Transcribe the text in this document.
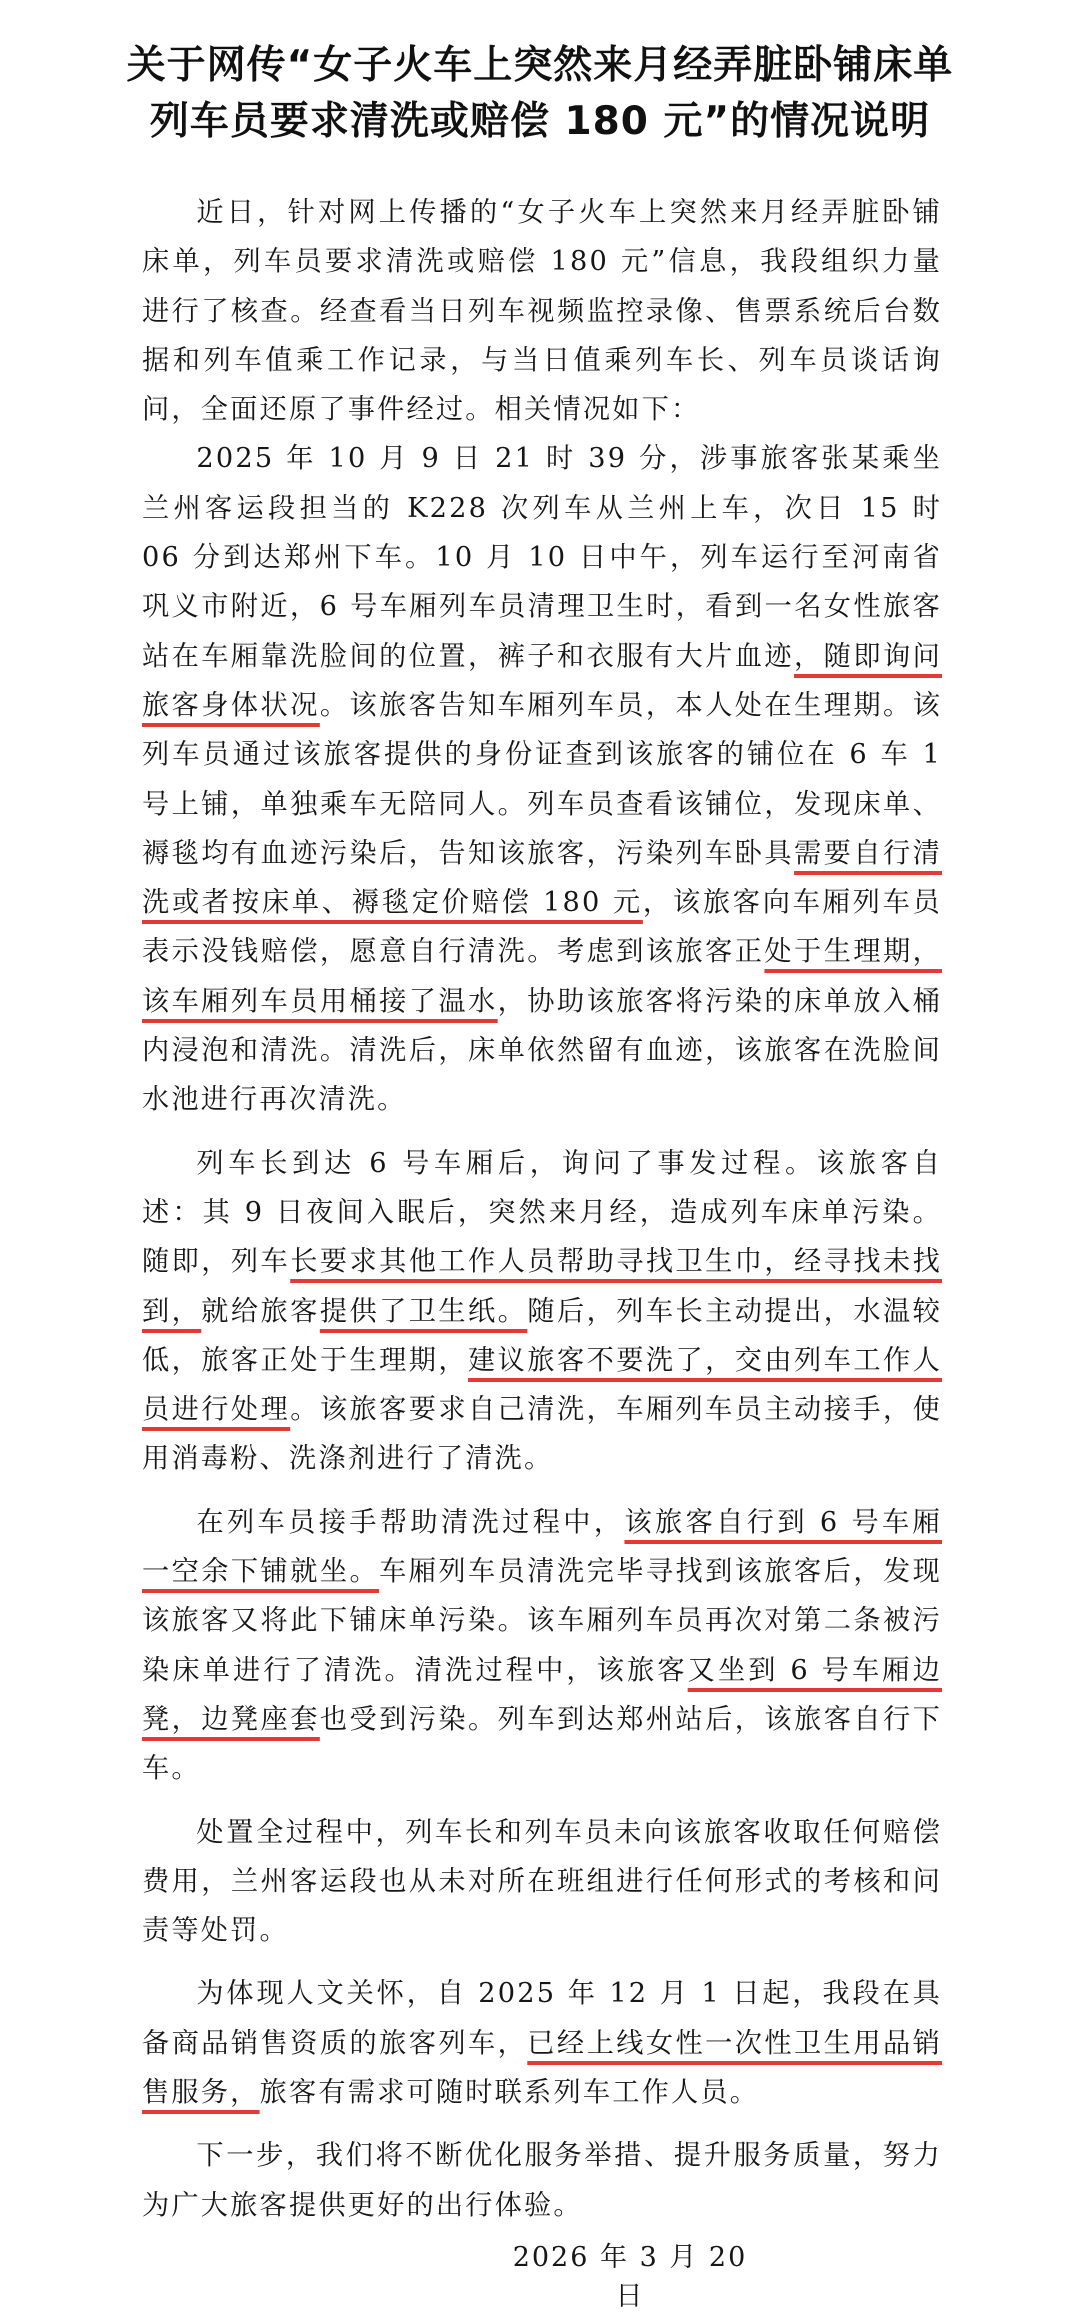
关于网传“女子火车上突然来月经弄脏卧铺床单
列车员要求清洗或赔偿 180 元”的情况说明

近日，针对网上传播的“女子火车上突然来月经弄脏卧铺床单，列车员要求清洗或赔偿 180 元”信息，我段组织力量进行了核查。经查看当日列车视频监控录像、售票系统后台数据和列车值乘工作记录，与当日值乘列车长、列车员谈话询问，全面还原了事件经过。相关情况如下：

2025 年 10 月 9 日 21 时 39 分，涉事旅客张某乘坐兰州客运段担当的 K228 次列车从兰州上车，次日 15 时 06 分到达郑州下车。10 月 10 日中午，列车运行至河南省巩义市附近，6 号车厢列车员清理卫生时，看到一名女性旅客站在车厢靠洗脸间的位置，裤子和衣服有大片血迹，随即询问旅客身体状况。该旅客告知车厢列车员，本人处在生理期。该列车员通过该旅客提供的身份证查到该旅客的铺位在 6 车 1 号上铺，单独乘车无陪同人。列车员查看该铺位，发现床单、褥毯均有血迹污染后，告知该旅客，污染列车卧具需要自行清洗或者按床单、褥毯定价赔偿 180 元，该旅客向车厢列车员表示没钱赔偿，愿意自行清洗。考虑到该旅客正处于生理期，该车厢列车员用桶接了温水，协助该旅客将污染的床单放入桶内浸泡和清洗。清洗后，床单依然留有血迹，该旅客在洗脸间水池进行再次清洗。

列车长到达 6 号车厢后，询问了事发过程。该旅客自述：其 9 日夜间入眠后，突然来月经，造成列车床单污染。随即，列车长要求其他工作人员帮助寻找卫生巾，经寻找未找到，就给旅客提供了卫生纸。随后，列车长主动提出，水温较低，旅客正处于生理期，建议旅客不要洗了，交由列车工作人员进行处理。该旅客要求自己清洗，车厢列车员主动接手，使用消毒粉、洗涤剂进行了清洗。

在列车员接手帮助清洗过程中，该旅客自行到 6 号车厢一空余下铺就坐。车厢列车员清洗完毕寻找到该旅客后，发现该旅客又将此下铺床单污染。该车厢列车员再次对第二条被污染床单进行了清洗。清洗过程中，该旅客又坐到 6 号车厢边凳，边凳座套也受到污染。列车到达郑州站后，该旅客自行下车。

处置全过程中，列车长和列车员未向该旅客收取任何赔偿费用，兰州客运段也从未对所在班组进行任何形式的考核和问责等处罚。

为体现人文关怀，自 2025 年 12 月 1 日起，我段在具备商品销售资质的旅客列车，已经上线女性一次性卫生用品销售服务，旅客有需求可随时联系列车工作人员。

下一步，我们将不断优化服务举措、提升服务质量，努力为广大旅客提供更好的出行体验。

2026 年 3 月 20 日
